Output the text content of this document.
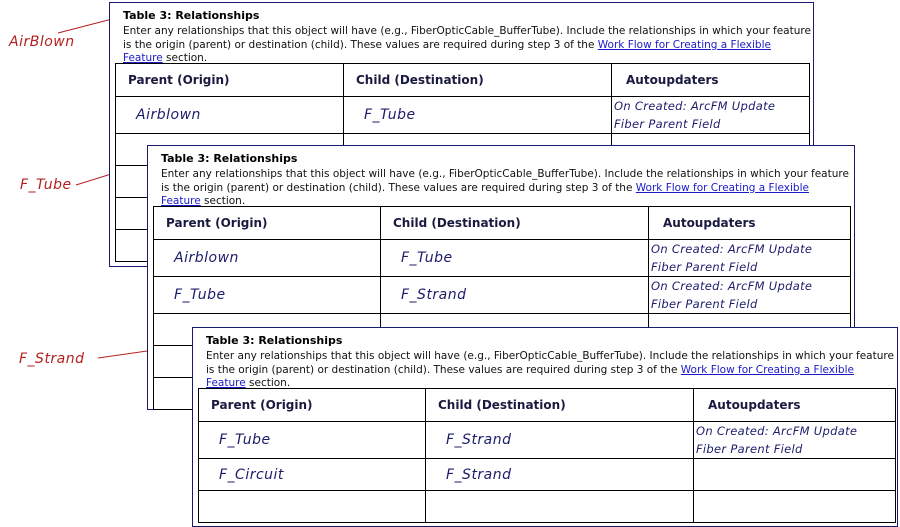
AirBlown
F_Tube
F_Strand
Table 3: Relationships
Enter any relationships that this object will have (e.g., FiberOpticCable_BufferTube). Include the relationships in which your feature is the origin (parent) or destination (child). These values are required during step 3 of the Work Flow for Creating a Flexible Feature section.
Parent (Origin)	Child (Destination)	Autoupdaters
Airblown	F_Tube	On Created: ArcFM Update
Fiber Parent Field

Table 3: Relationships
Enter any relationships that this object will have (e.g., FiberOpticCable_BufferTube). Include the relationships in which your feature is the origin (parent) or destination (child). These values are required during step 3 of the Work Flow for Creating a Flexible Feature section.
Parent (Origin)	Child (Destination)	Autoupdaters
Airblown	F_Tube	On Created: ArcFM Update
Fiber Parent Field

F_Tube	F_Strand	On Created: ArcFM Update
Fiber Parent Field

Table 3: Relationships
Enter any relationships that this object will have (e.g., FiberOpticCable_BufferTube). Include the relationships in which your feature is the origin (parent) or destination (child). These values are required during step 3 of the Work Flow for Creating a Flexible Feature section.
Parent (Origin)	Child (Destination)	Autoupdaters
F_Tube	F_Strand	On Created: ArcFM Update
Fiber Parent Field

F_Circuit	F_Strand	
